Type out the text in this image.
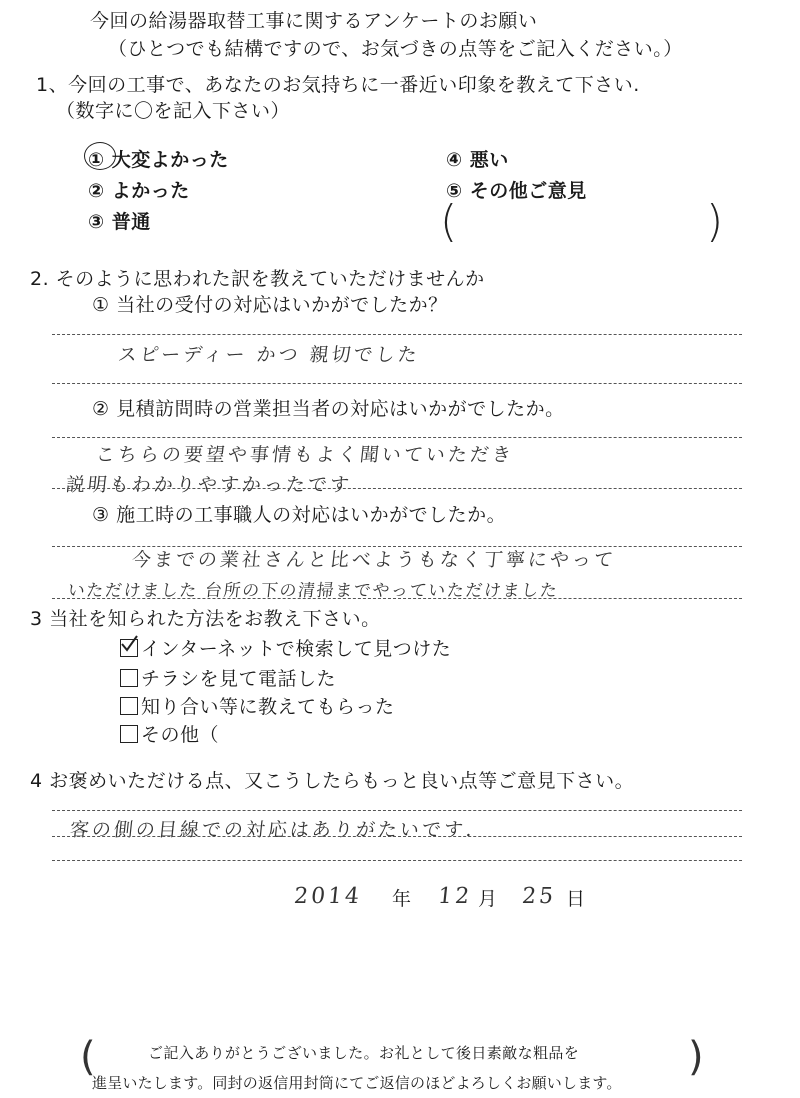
今回の給湯器取替工事に関するアンケートのお願い
（ひとつでも結構ですので、お気づきの点等をご記入ください。）
1、今回の工事で、あなたのお気持ちに一番近い印象を教えて下さい.
（数字に〇を記入下さい）
① 大変よかった
② よかった
③ 普通
④ 悪い
⑤ その他ご意見
(	)
2. そのように思われた訳を教えていただけませんか
① 当社の受付の対応はいかがでしたか？
スピーディー かつ 親切でした
② 見積訪問時の営業担当者の対応はいかがでしたか。
こちらの要望や事情もよく聞いていただき
説明もわかりやすかったです
③ 施工時の工事職人の対応はいかがでしたか。
今までの業社さんと比べようもなく丁寧にやって
いただけました 台所の下の清掃までやっていただけました
3 当社を知られた方法をお教え下さい。
インターネットで検索して見つけた
チラシを見て電話した
知り合い等に教えてもらった
その他（
4 お褒めいただける点、又こうしたらもっと良い点等ご意見下さい。
客の側の目線での対応はありがたいです.
2014 年 12 月 25 日
(	)
ご記入ありがとうございました。お礼として後日素敵な粗品を
進呈いたします。同封の返信用封筒にてご返信のほどよろしくお願いします。
